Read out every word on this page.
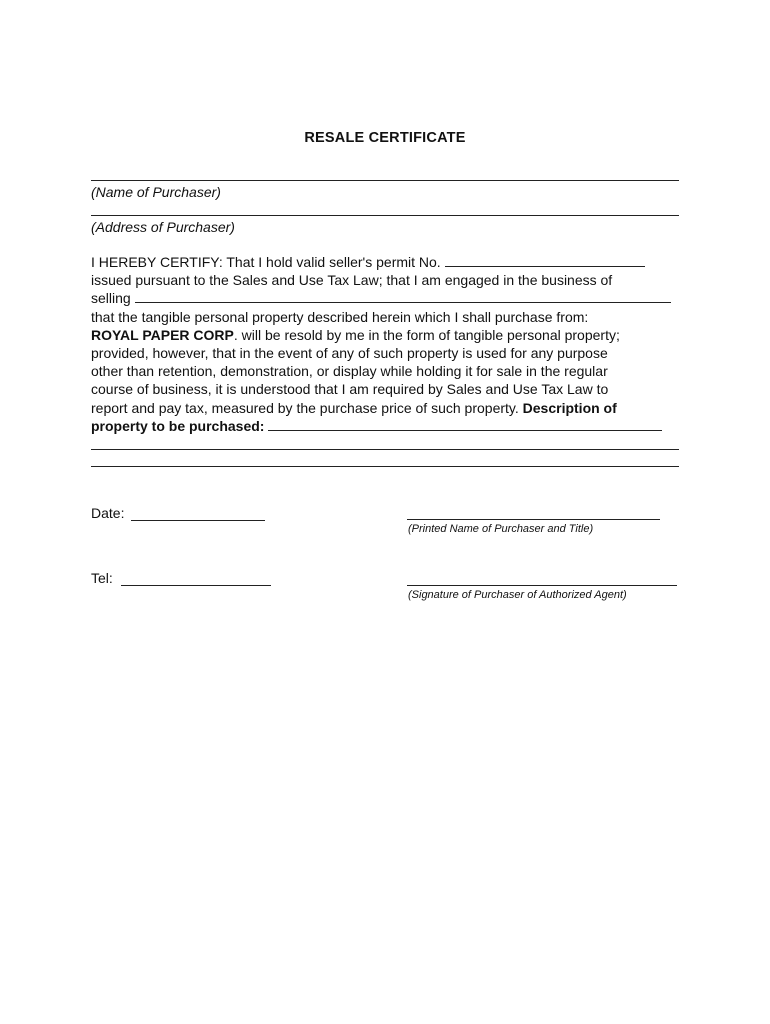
RESALE CERTIFICATE
(Name of Purchaser)
(Address of Purchaser)
I HEREBY CERTIFY: That I hold valid seller's permit No.
issued pursuant to the Sales and Use Tax Law; that I am engaged in the business of
selling
that the tangible personal property described herein which I shall purchase from:
ROYAL PAPER CORP. will be resold by me in the form of tangible personal property;
provided, however, that in the event of any of such property is used for any purpose
other than retention, demonstration, or display while holding it for sale in the regular
course of business, it is understood that I am required by Sales and Use Tax Law to
report and pay tax, measured by the purchase price of such property. Description of
property to be purchased:
Date:
(Printed Name of Purchaser and Title)
Tel:
(Signature of Purchaser of Authorized Agent)
